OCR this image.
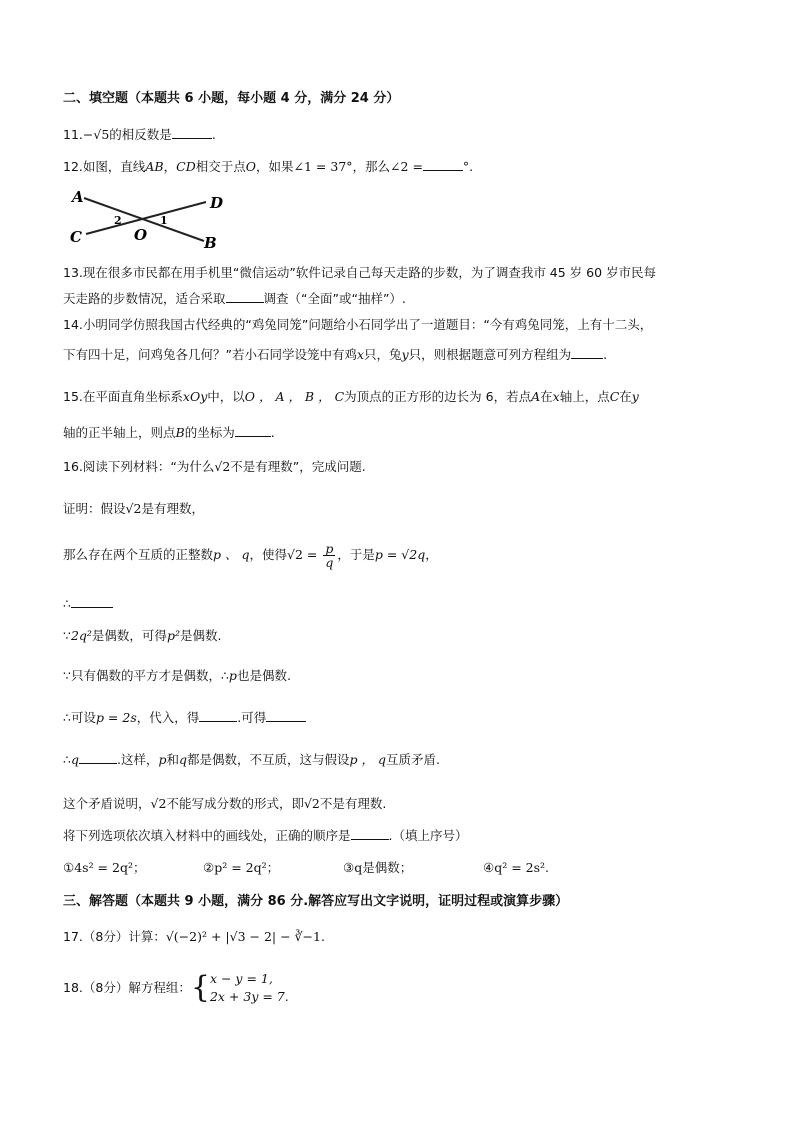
二、填空题（本题共 6 小题，每小题 4 分，满分 24 分）
11.−√5的相反数是	.
12.如图，直线AB，CD相交于点O，如果∠1 = 37°，那么∠2 =	°.
A	D
C	B
O
2	1
13.现在很多市民都在用手机里“微信运动”软件记录自己每天走路的步数，为了调查我市 45 岁 60 岁市民每
天走路的步数情况，适合采取	调查（“全面”或“抽样”）.
14.小明同学仿照我国古代经典的“鸡兔同笼”问题给小石同学出了一道题目：“今有鸡兔同笼，上有十二头，
下有四十足，问鸡兔各几何？”若小石同学设笼中有鸡x只，兔y只，则根据题意可列方程组为	.
15.在平面直角坐标系xOy中，以O ， A ， B ， C为顶点的正方形的边长为 6，若点A在x轴上，点C在y
轴的正半轴上，则点B的坐标为	.
16.阅读下列材料：“为什么√2不是有理数”，完成问题.
证明：假设√2是有理数，
那么存在两个互质的正整数p 、 q，使得$√2 = \frac{p}{q}$ ，于是p = √2q，
∴
∵2q²是偶数，可得p²是偶数.
∵只有偶数的平方才是偶数，∴p也是偶数.
∴可设p = 2s，代入，得	.可得
∴q	.这样，p和q都是偶数，不互质，这与假设p ， q互质矛盾.
这个矛盾说明，√2不能写成分数的形式，即√2不是有理数.
将下列选项依次填入材料中的画线处，正确的顺序是	.（填上序号）
①4s² = 2q²；	②p² = 2q²；	③q是偶数；	④q² = 2s².
三、解答题（本题共 9 小题，满分 86 分.解答应写出文字说明，证明过程或演算步骤）
17.（8分）计算：√(−2)² + |√3 − 2| − ∛−1.
18.（8分）解方程组：{ x − y = 1,
2x + 3y = 7.
